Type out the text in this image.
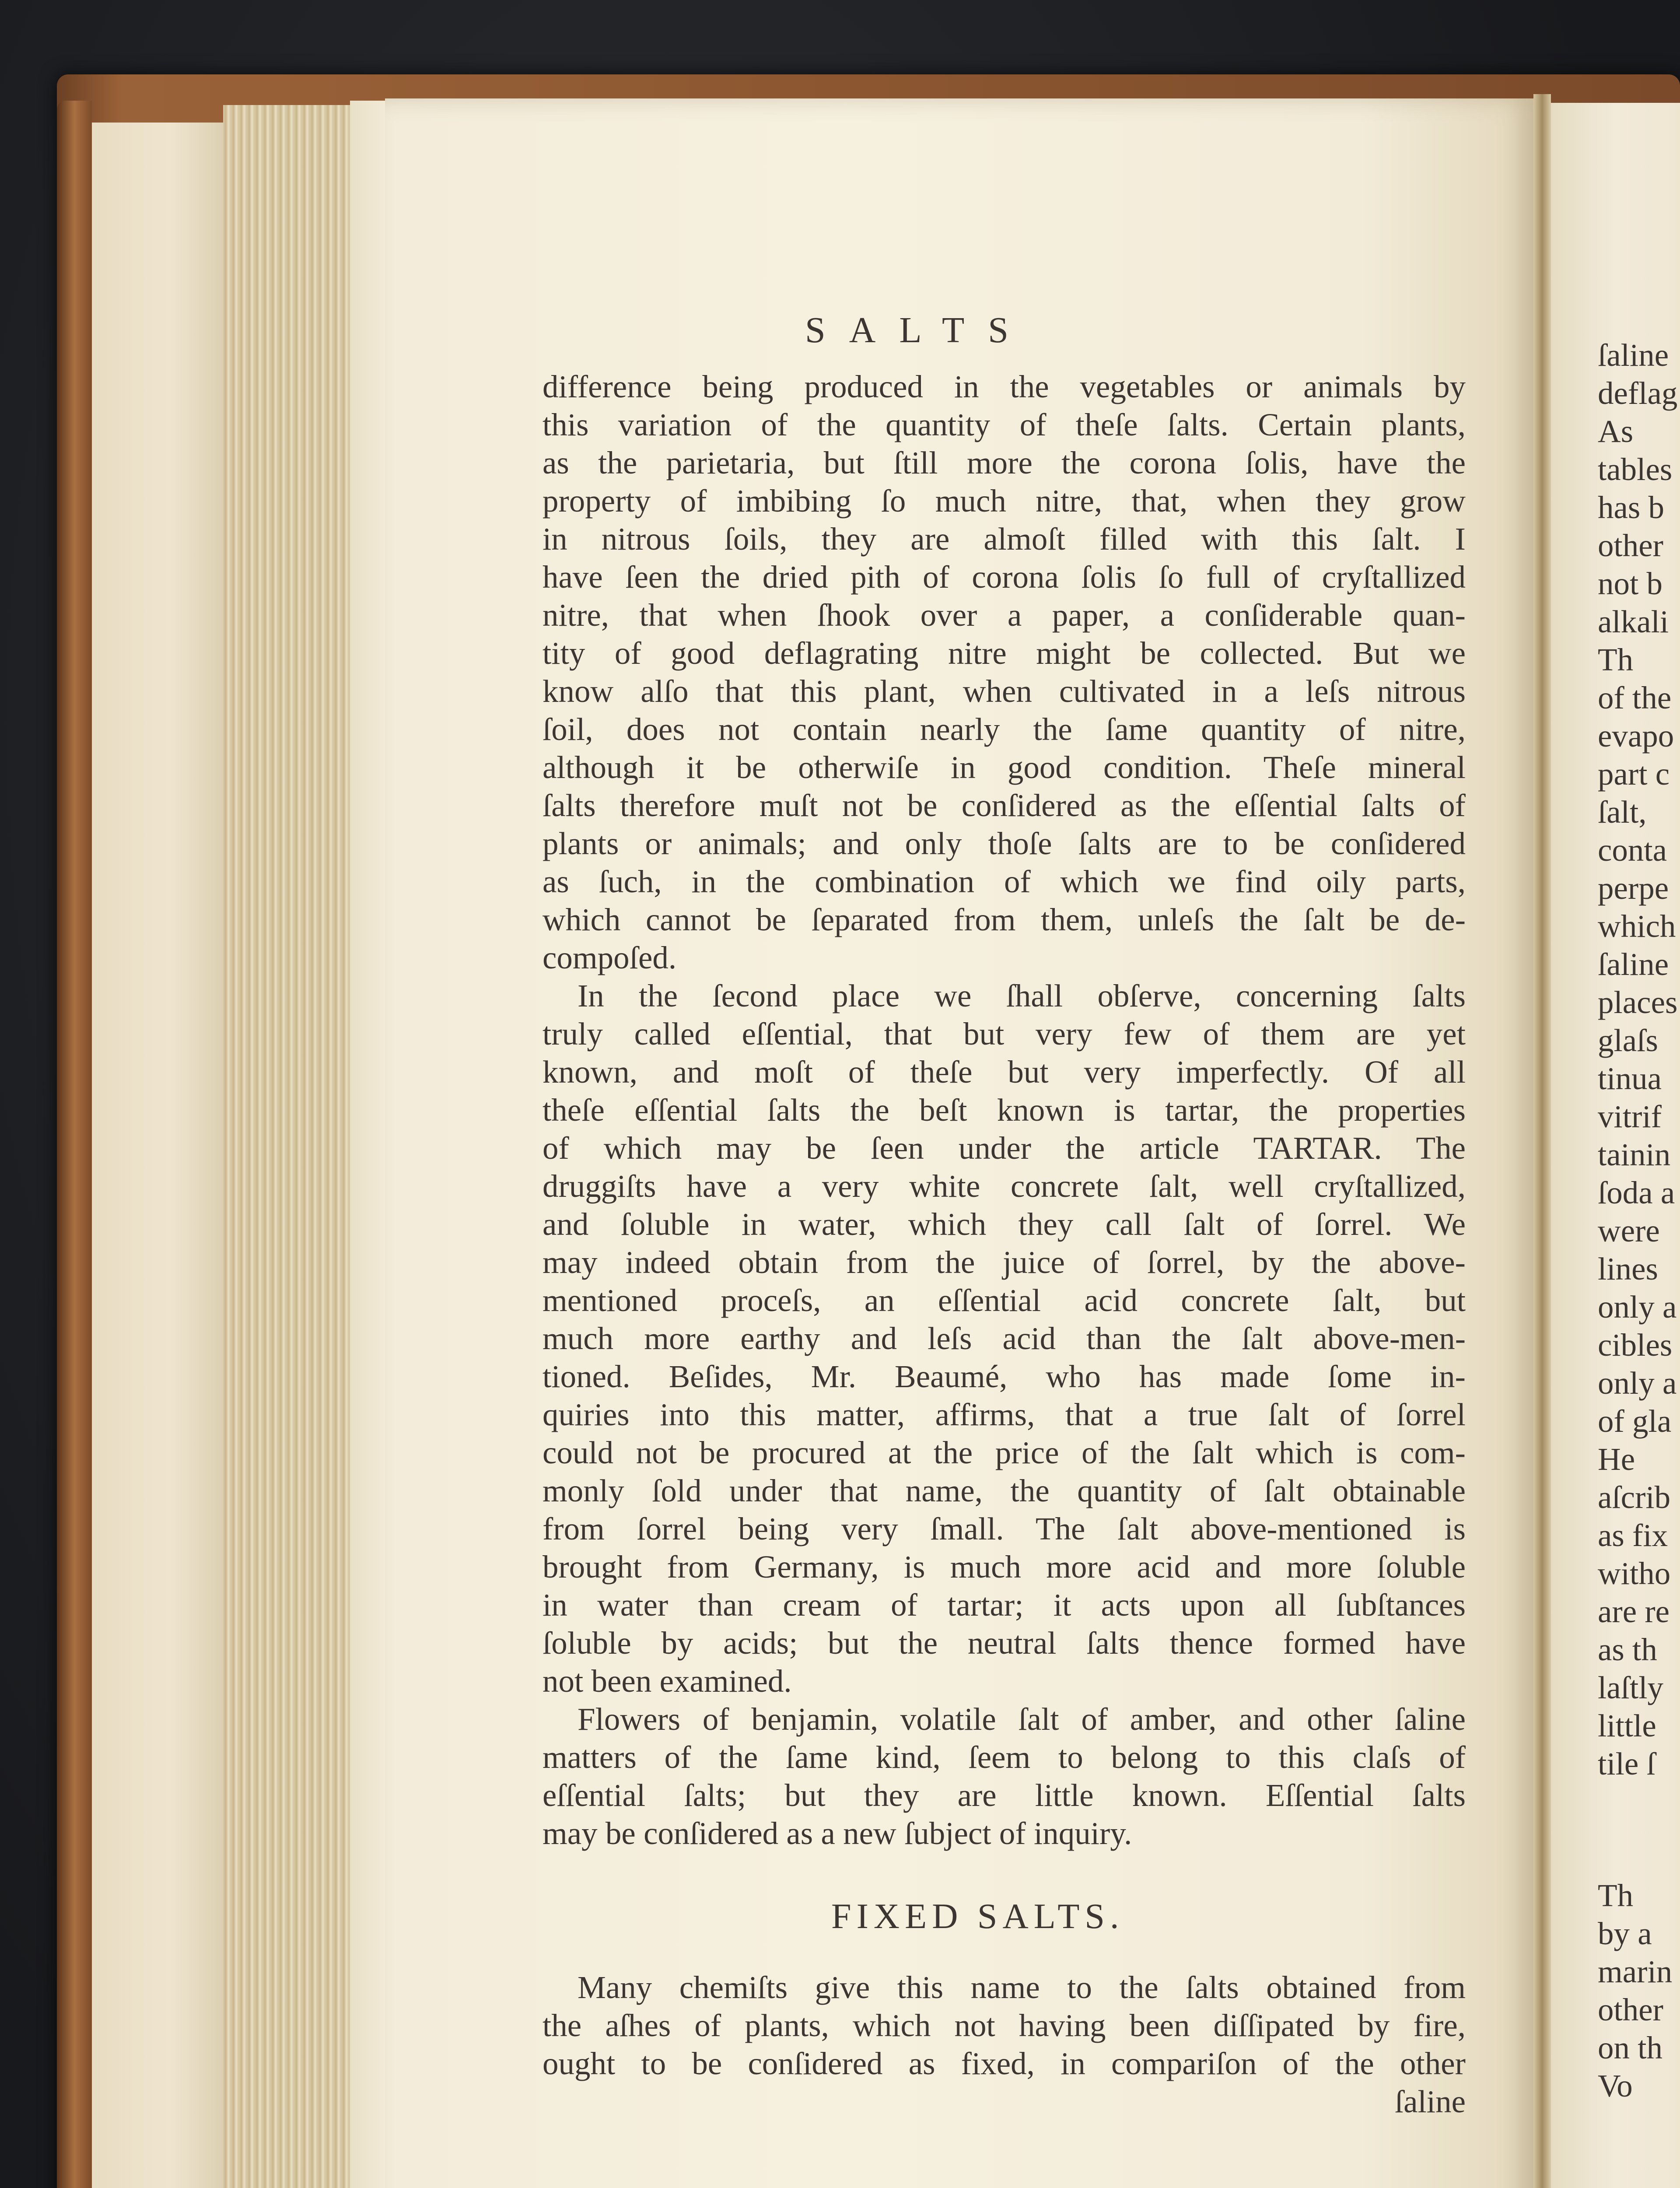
SALTS
difference being produced in the vegetables or animals by
this variation of the quantity of theſe ſalts. Certain plants,
as the parietaria, but ſtill more the corona ſolis, have the
property of imbibing ſo much nitre, that, when they grow
in nitrous ſoils, they are almoſt filled with this ſalt. I
have ſeen the dried pith of corona ſolis ſo full of cryſtallized
nitre, that when ſhook over a paper, a conſiderable quan-
tity of good deflagrating nitre might be collected. But we
know alſo that this plant, when cultivated in a leſs nitrous
ſoil, does not contain nearly the ſame quantity of nitre,
although it be otherwiſe in good condition. Theſe mineral
ſalts therefore muſt not be conſidered as the eſſential ſalts of
plants or animals; and only thoſe ſalts are to be conſidered
as ſuch, in the combination of which we find oily parts,
which cannot be ſeparated from them, unleſs the ſalt be de-
compoſed.
In the ſecond place we ſhall obſerve, concerning ſalts
truly called eſſential, that but very few of them are yet
known, and moſt of theſe but very imperfectly. Of all
theſe eſſential ſalts the beſt known is tartar, the properties
of which may be ſeen under the article TARTAR. The
druggiſts have a very white concrete ſalt, well cryſtallized,
and ſoluble in water, which they call ſalt of ſorrel. We
may indeed obtain from the juice of ſorrel, by the above-
mentioned proceſs, an eſſential acid concrete ſalt, but
much more earthy and leſs acid than the ſalt above-men-
tioned. Beſides, Mr. Beaumé, who has made ſome in-
quiries into this matter, affirms, that a true ſalt of ſorrel
could not be procured at the price of the ſalt which is com-
monly ſold under that name, the quantity of ſalt obtainable
from ſorrel being very ſmall. The ſalt above-mentioned is
brought from Germany, is much more acid and more ſoluble
in water than cream of tartar; it acts upon all ſubſtances
ſoluble by acids; but the neutral ſalts thence formed have
not been examined.
Flowers of benjamin, volatile ſalt of amber, and other ſaline
matters of the ſame kind, ſeem to belong to this claſs of
eſſential ſalts; but they are little known. Eſſential ſalts
may be conſidered as a new ſubject of inquiry.
FIXED SALTS.
Many chemiſts give this name to the ſalts obtained from
the aſhes of plants, which not having been diſſipated by fire,
ought to be conſidered as fixed, in compariſon of the other
ſaline
ſaline
deflag
As
tables
has b
other
not b
alkali
Th
of the
evapo
part c
ſalt,
conta
perpe
which
ſaline
places
glaſs
tinua
vitrif
tainin
ſoda a
were
lines
only a
cibles
only a
of gla
He
aſcrib
as fix
witho
are re
as th
laſtly
little
tile ſ
Th
by a
marin
other
on th
Vo
